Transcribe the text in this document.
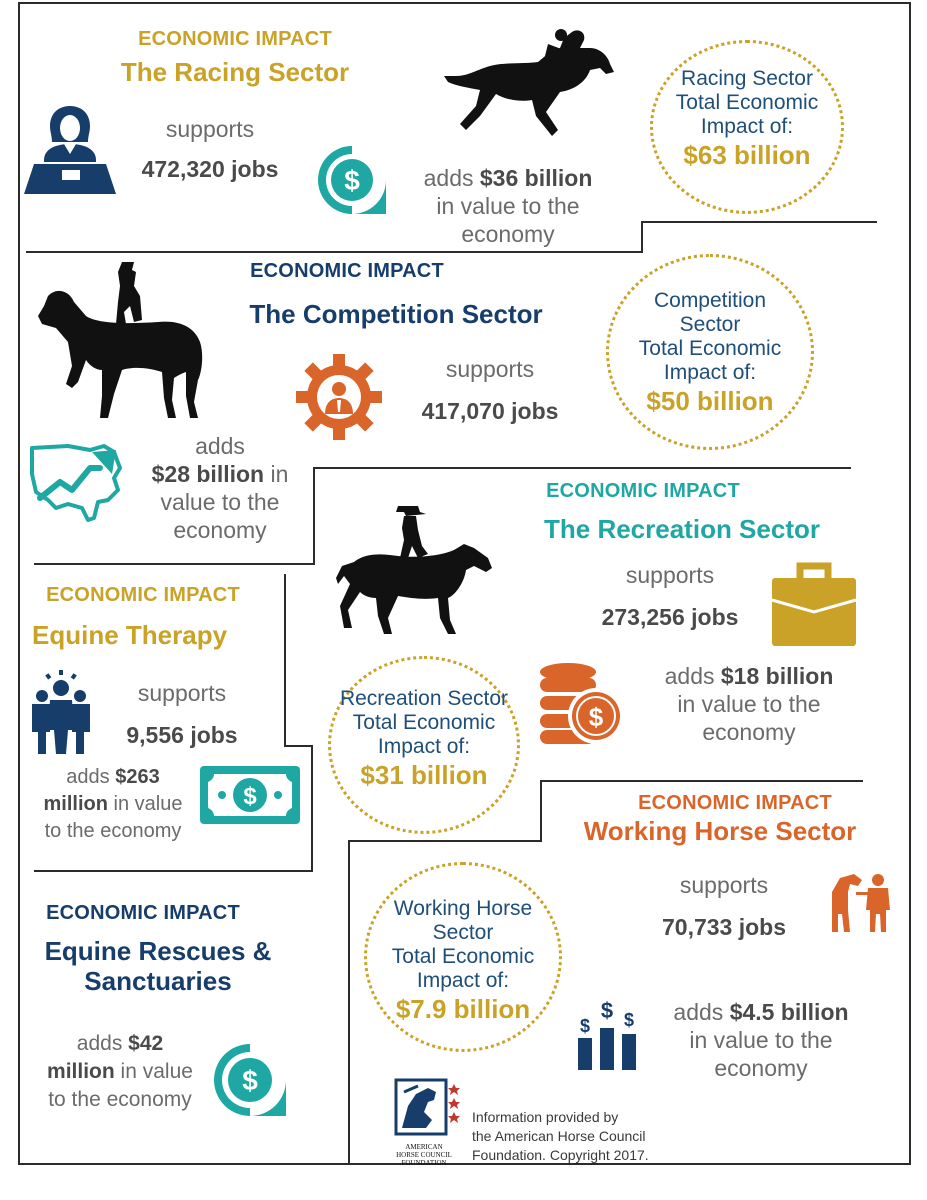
ECONOMIC IMPACT
The Racing Sector
supports
472,320 jobs	$	adds $36 billion
in value to the
economy
Racing Sector
Total Economic
Impact of:
$63 billion
ECONOMIC IMPACT
The Competition Sector
supports
417,070 jobs
adds
$28 billion in
value to the
economy
Competition
Sector
Total Economic
Impact of:
$50 billion
ECONOMIC IMPACT
The Recreation Sector
supports
273,256 jobs
$
adds $18 billion
in value to the
economy
Recreation Sector
Total Economic
Impact of:
$31 billion
ECONOMIC IMPACT
Equine Therapy
supports
9,556 jobs
adds $263
million in value
to the economy
$	ECONOMIC IMPACT
Working Horse Sector
supports
70,733 jobs
$
$ $	adds $4.5 billion
in value to the
economy
Working Horse
Sector
Total Economic
Impact of:
$7.9 billion
ECONOMIC IMPACT
Equine Rescues &
Sanctuaries
adds $42
million in value
to the economy
$
AMERICAN
HORSE COUNCIL
FOUNDATION
Information provided by
the American Horse Council
Foundation. Copyright 2017.
